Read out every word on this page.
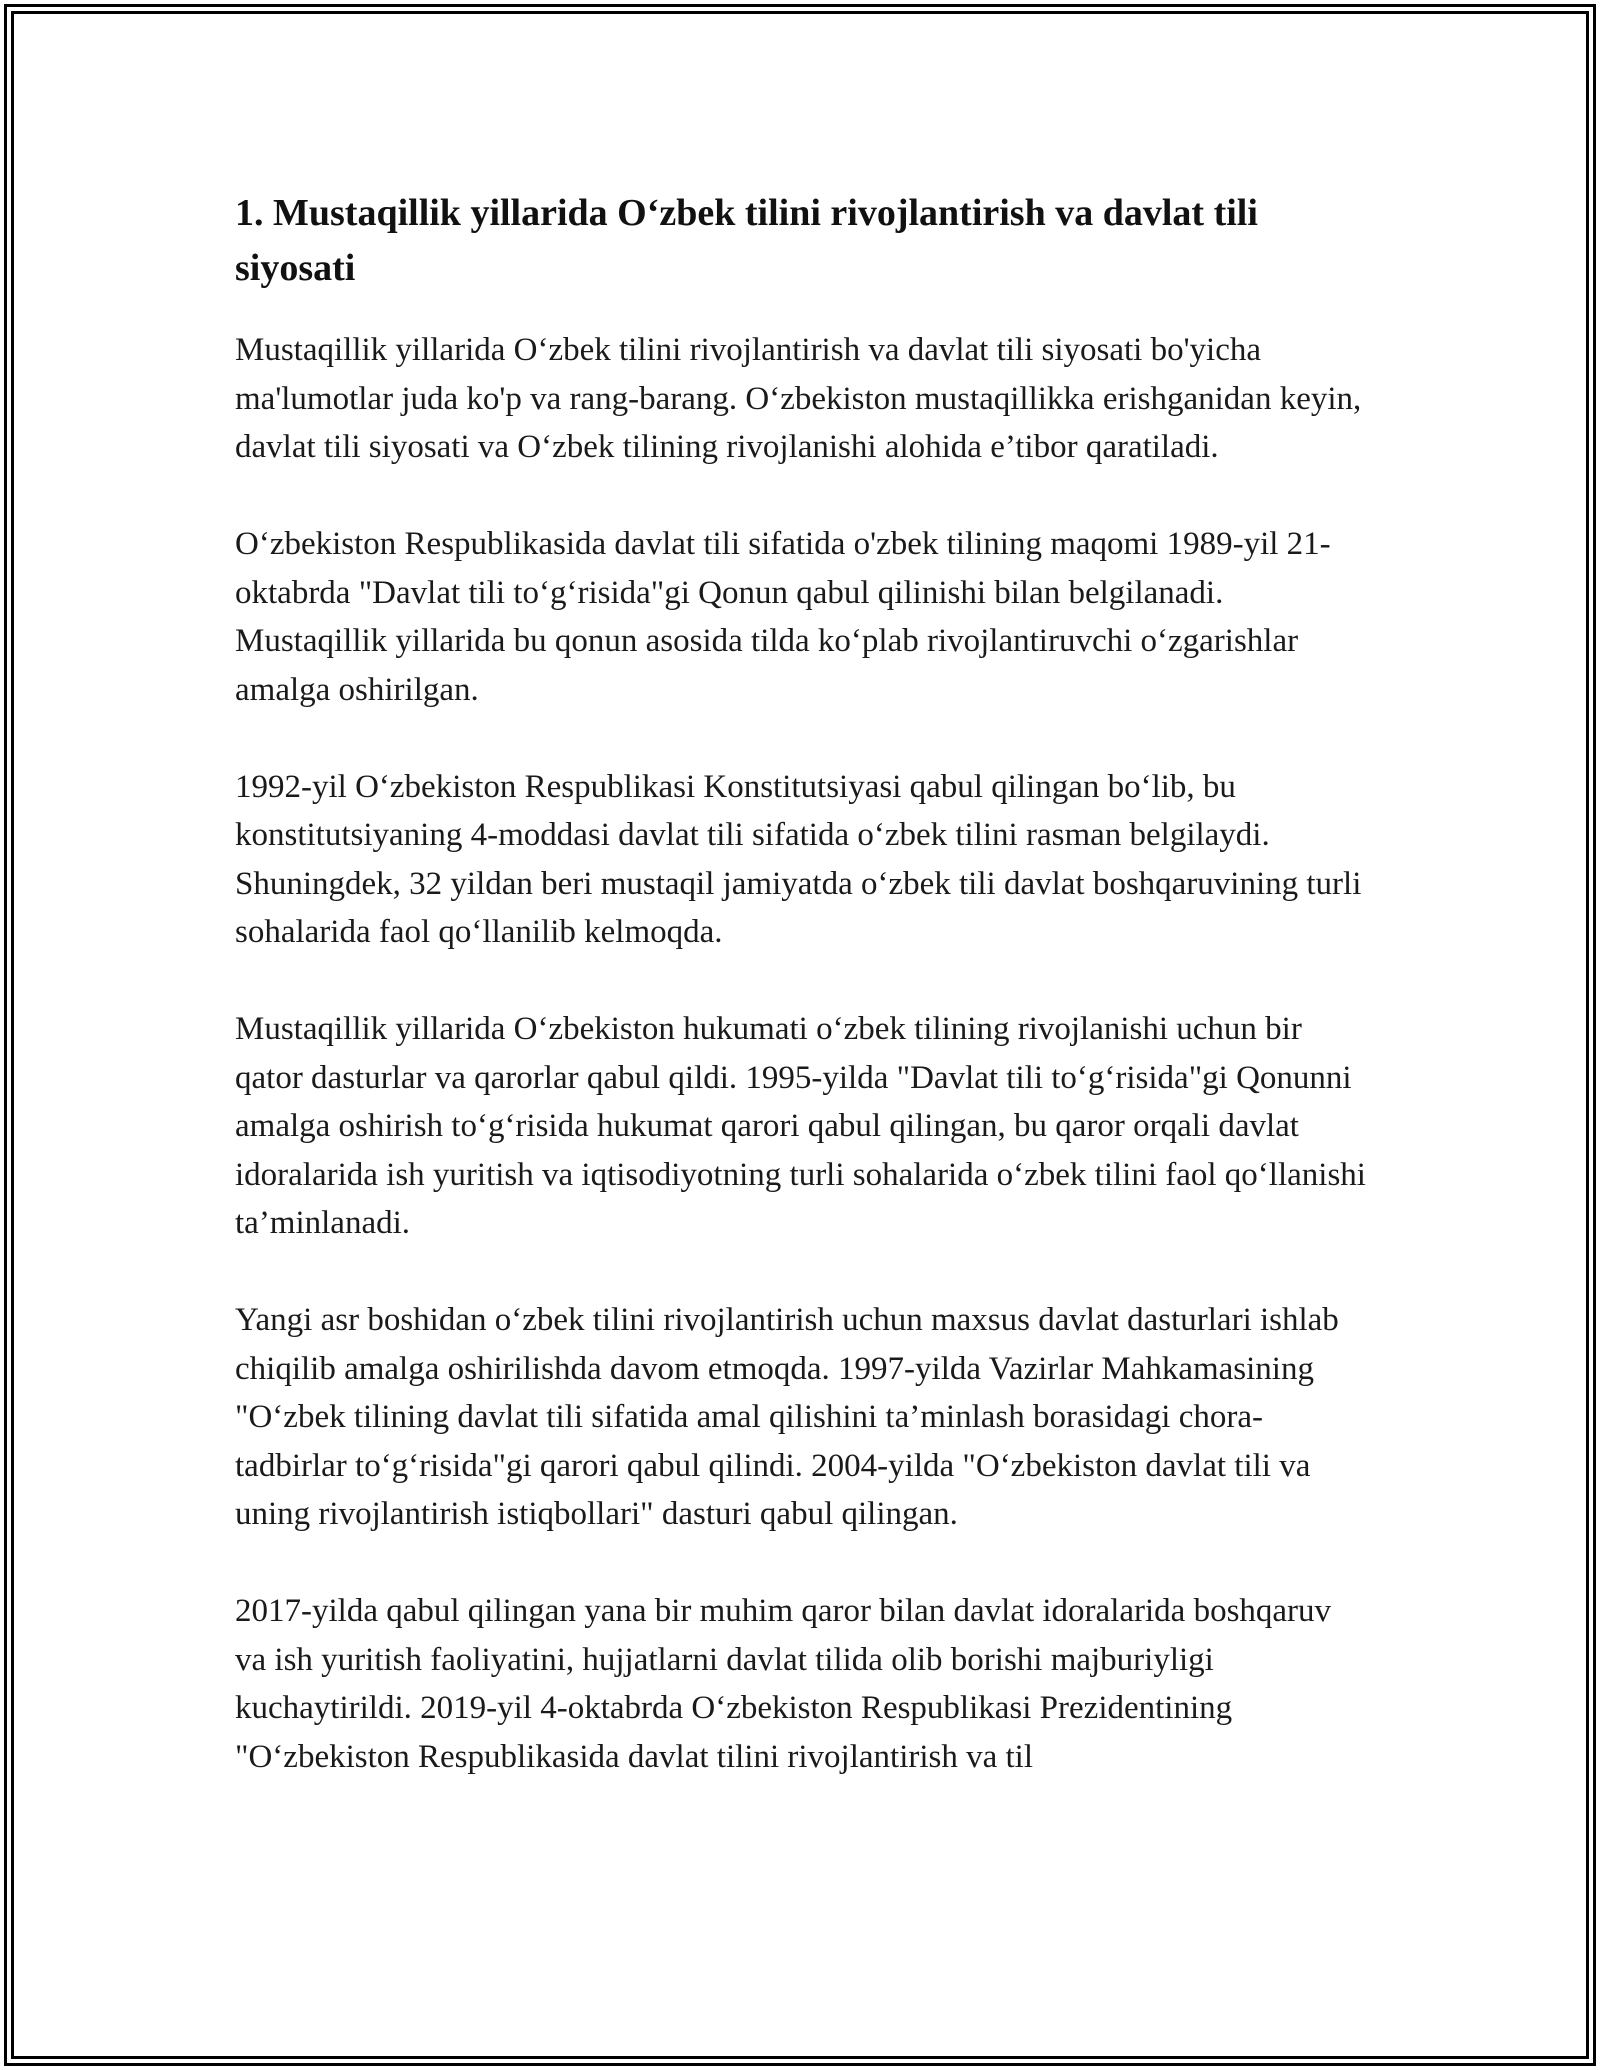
1. Mustaqillik yillarida O‘zbek tilini rivojlantirish va davlat tili siyosati

Mustaqillik yillarida O‘zbek tilini rivojlantirish va davlat tili siyosati bo'yicha ma'lumotlar juda ko'p va rang-barang. O‘zbekiston mustaqillikka erishganidan keyin, davlat tili siyosati va O‘zbek tilining rivojlanishi alohida e’tibor qaratiladi.

O‘zbekiston Respublikasida davlat tili sifatida o'zbek tilining maqomi 1989-yil 21-oktabrda "Davlat tili to‘g‘risida"gi Qonun qabul qilinishi bilan belgilanadi. Mustaqillik yillarida bu qonun asosida tilda ko‘plab rivojlantiruvchi o‘zgarishlar amalga oshirilgan.

1992-yil O‘zbekiston Respublikasi Konstitutsiyasi qabul qilingan bo‘lib, bu konstitutsiyaning 4-moddasi davlat tili sifatida o‘zbek tilini rasman belgilaydi. Shuningdek, 32 yildan beri mustaqil jamiyatda o‘zbek tili davlat boshqaruvining turli sohalarida faol qo‘llanilib kelmoqda.

Mustaqillik yillarida O‘zbekiston hukumati o‘zbek tilining rivojlanishi uchun bir qator dasturlar va qarorlar qabul qildi. 1995-yilda "Davlat tili to‘g‘risida"gi Qonunni amalga oshirish to‘g‘risida hukumat qarori qabul qilingan, bu qaror orqali davlat idoralarida ish yuritish va iqtisodiyotning turli sohalarida o‘zbek tilini faol qo‘llanishi ta’minlanadi.

Yangi asr boshidan o‘zbek tilini rivojlantirish uchun maxsus davlat dasturlari ishlab chiqilib amalga oshirilishda davom etmoqda. 1997-yilda Vazirlar Mahkamasining "O‘zbek tilining davlat tili sifatida amal qilishini ta’minlash borasidagi chora-tadbirlar to‘g‘risida"gi qarori qabul qilindi. 2004-yilda "O‘zbekiston davlat tili va uning rivojlantirish istiqbollari" dasturi qabul qilingan.

2017-yilda qabul qilingan yana bir muhim qaror bilan davlat idoralarida boshqaruv va ish yuritish faoliyatini, hujjatlarni davlat tilida olib borishi majburiyligi kuchaytirildi. 2019-yil 4-oktabrda O‘zbekiston Respublikasi Prezidentining "O‘zbekiston Respublikasida davlat tilini rivojlantirish va til
